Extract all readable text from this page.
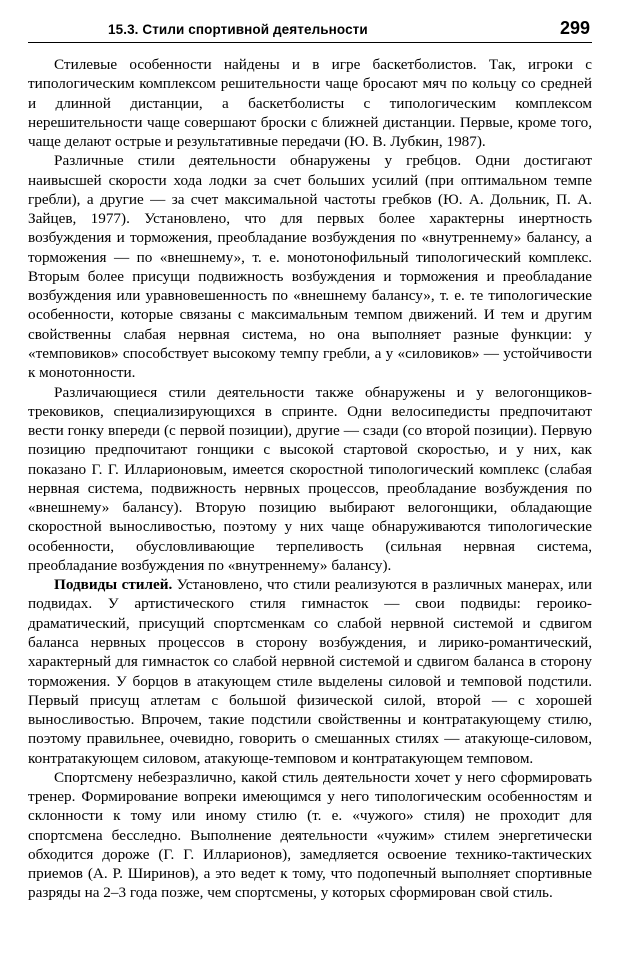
15.3. Стили спортивной деятельности	299

Стилевые особенности найдены и в игре баскетболистов. Так, игроки с типологическим комплексом решительности чаще бросают мяч по кольцу со средней и длинной дистанции, а баскетболисты с типологическим комплексом нерешительности чаще совершают броски с ближней дистанции. Первые, кроме того, чаще делают острые и результативные передачи (Ю. В. Лубкин, 1987).

Различные стили деятельности обнаружены у гребцов. Одни достигают наивысшей скорости хода лодки за счет больших усилий (при оптимальном темпе гребли), а другие — за счет максимальной частоты гребков (Ю. А. Дольник, П. А. Зайцев, 1977). Установлено, что для первых более характерны инертность возбуждения и торможения, преобладание возбуждения по «внутреннему» балансу, а торможения — по «внешнему», т. е. монотонофильный типологический комплекс. Вторым более присущи подвижность возбуждения и торможения и преобладание возбуждения или уравновешенность по «внешнему балансу», т. е. те типологические особенности, которые связаны с максимальным темпом движений. И тем и другим свойственны слабая нервная система, но она выполняет разные функции: у «темповиков» способствует высокому темпу гребли, а у «силовиков» — устойчивости к монотонности.

Различающиеся стили деятельности также обнаружены и у велогонщиков-трековиков, специализирующихся в спринте. Одни велосипедисты предпочитают вести гонку впереди (с первой позиции), другие — сзади (со второй позиции). Первую позицию предпочитают гонщики с высокой стартовой скоростью, и у них, как показано Г. Г. Илларионовым, имеется скоростной типологический комплекс (слабая нервная система, подвижность нервных процессов, преобладание возбуждения по «внешнему» балансу). Вторую позицию выбирают велогонщики, обладающие скоростной выносливостью, поэтому у них чаще обнаруживаются типологические особенности, обусловливающие терпеливость (сильная нервная система, преобладание возбуждения по «внутреннему» балансу).

Подвиды стилей. Установлено, что стили реализуются в различных манерах, или подвидах. У артистического стиля гимнасток — свои подвиды: героико-драматический, присущий спортсменкам со слабой нервной системой и сдвигом баланса нервных процессов в сторону возбуждения, и лирико-романтический, характерный для гимнасток со слабой нервной системой и сдвигом баланса в сторону торможения. У борцов в атакующем стиле выделены силовой и темповой подстили. Первый присущ атлетам с большой физической силой, второй — с хорошей выносливостью. Впрочем, такие подстили свойственны и контратакующему стилю, поэтому правильнее, очевидно, говорить о смешанных стилях — атакующе-силовом, контратакующем силовом, атакующе-темповом и контратакующем темповом.

Спортсмену небезразлично, какой стиль деятельности хочет у него сформировать тренер. Формирование вопреки имеющимся у него типологическим особенностям и склонности к тому или иному стилю (т. е. «чужого» стиля) не проходит для спортсмена бесследно. Выполнение деятельности «чужим» стилем энергетически обходится дороже (Г. Г. Илларионов), замедляется освоение технико-тактических приемов (А. Р. Ширинов), а это ведет к тому, что подопечный выполняет спортивные разряды на 2–3 года позже, чем спортсмены, у которых сформирован свой стиль.
